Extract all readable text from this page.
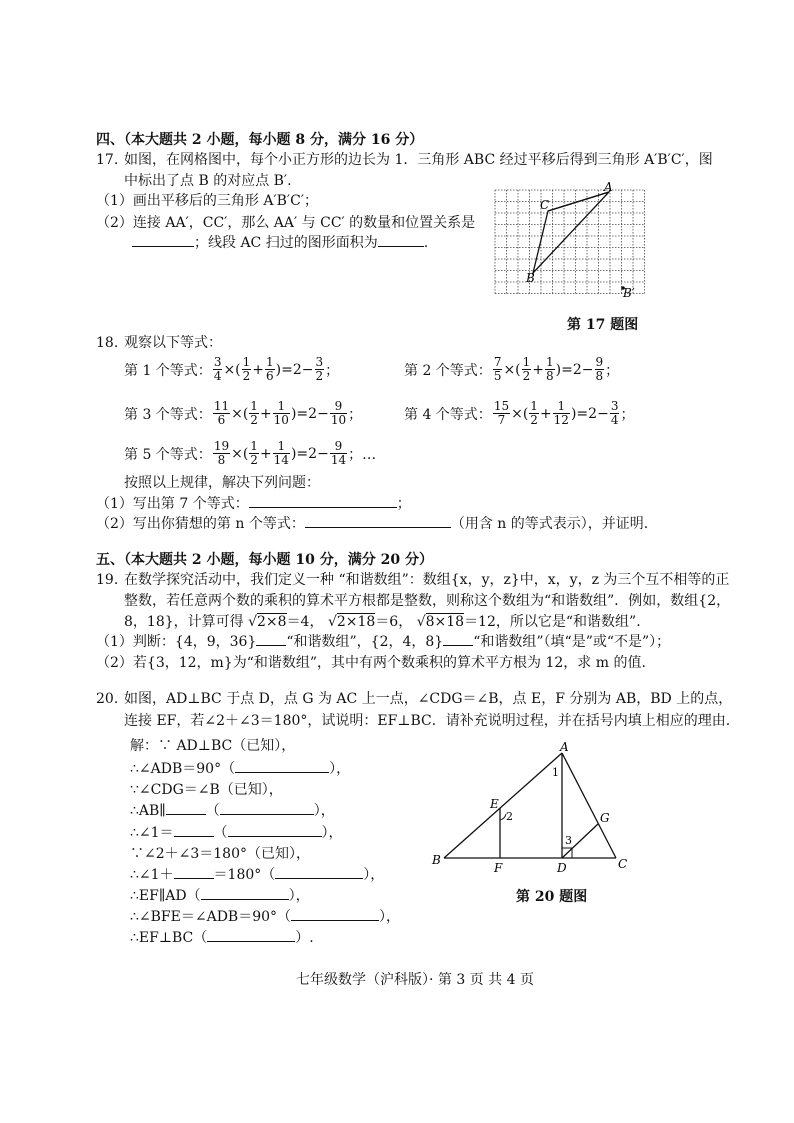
四、（本大题共 2 小题，每小题 8 分，满分 16 分）
17. 如图，在网格图中，每个小正方形的边长为 1．三角形 ABC 经过平移后得到三角形 A′B′C′，图
中标出了点 B 的对应点 B′.
（1）画出平移后的三角形 A′B′C′；
（2）连接 AA′，CC′，那么 AA′ 与 CC′ 的数量和位置关系是
；线段 AC 扫过的图形面积为	.
A
C
B
B′
第 17 题图
18. 观察以下等式：
第 1 个等式： $\frac{3}{4}$ ×( $\frac{1}{2} + \frac{1}{6}$ )= $2 - \frac{3}{2}$ ；	第 2 个等式： $\frac{7}{5}$ ×( $\frac{1}{2} + \frac{1}{8}$ )= $2 - \frac{9}{8}$ ；
第 3 个等式： $\frac{11}{6}$ ×( $\frac{1}{2} + \frac{1}{10}$ )= $2 - \frac{9}{10}$ ；	第 4 个等式： $\frac{15}{7}$ ×( $\frac{1}{2} + \frac{1}{12}$ )= $2 - \frac{3}{4}$ ；
第 5 个等式： $\frac{19}{8}$ ×( $\frac{1}{2} + \frac{1}{14}$ )= $2 - \frac{9}{14}$ ；…
按照以上规律，解决下列问题：
（1）写出第 7 个等式：	；
（2）写出你猜想的第 n 个等式：	（用含 n 的等式表示），并证明.
五、（本大题共 2 小题，每小题 10 分，满分 20 分）
19. 在数学探究活动中，我们定义一种 “和谐数组”：数组{x，y，z}中，x，y，z 为三个互不相等的正
整数，若任意两个数的乘积的算术平方根都是整数，则称这个数组为“和谐数组”．例如，数组{2，
8，18}，计算可得 √2×8＝4， √2×18＝6， √8×18＝12，所以它是“和谐数组”.
（1）判断：{4，9，36} “和谐数组”，{2，4，8} “和谐数组”（填“是”或“不是”）；
（2）若{3，12，m}为“和谐数组”，其中有两个数乘积的算术平方根为 12，求 m 的值.
20. 如图，AD⊥BC 于点 D，点 G 为 AC 上一点，∠CDG＝∠B，点 E，F 分别为 AB，BD 上的点，
连接 EF，若∠2＋∠3＝180°，试说明：EF⊥BC．请补充说明过程，并在括号内填上相应的理由.
解：∵ AD⊥BC（已知），
∴∠ADB＝90°（	），
∵∠CDG＝∠B（已知），
∴AB∥	（	），
∴∠1＝	（	），
∵∠2＋∠3＝180°（已知），
∴∠1＋	＝180°（	），
∴EF∥AD（	），
∴∠BFE＝∠ADB＝90°（	），
∴EF⊥BC（	）.
A
B	C
D
E
F
G
1
2
3
第 20 题图
七年级数学（沪科版）· 第 3 页 共 4 页
